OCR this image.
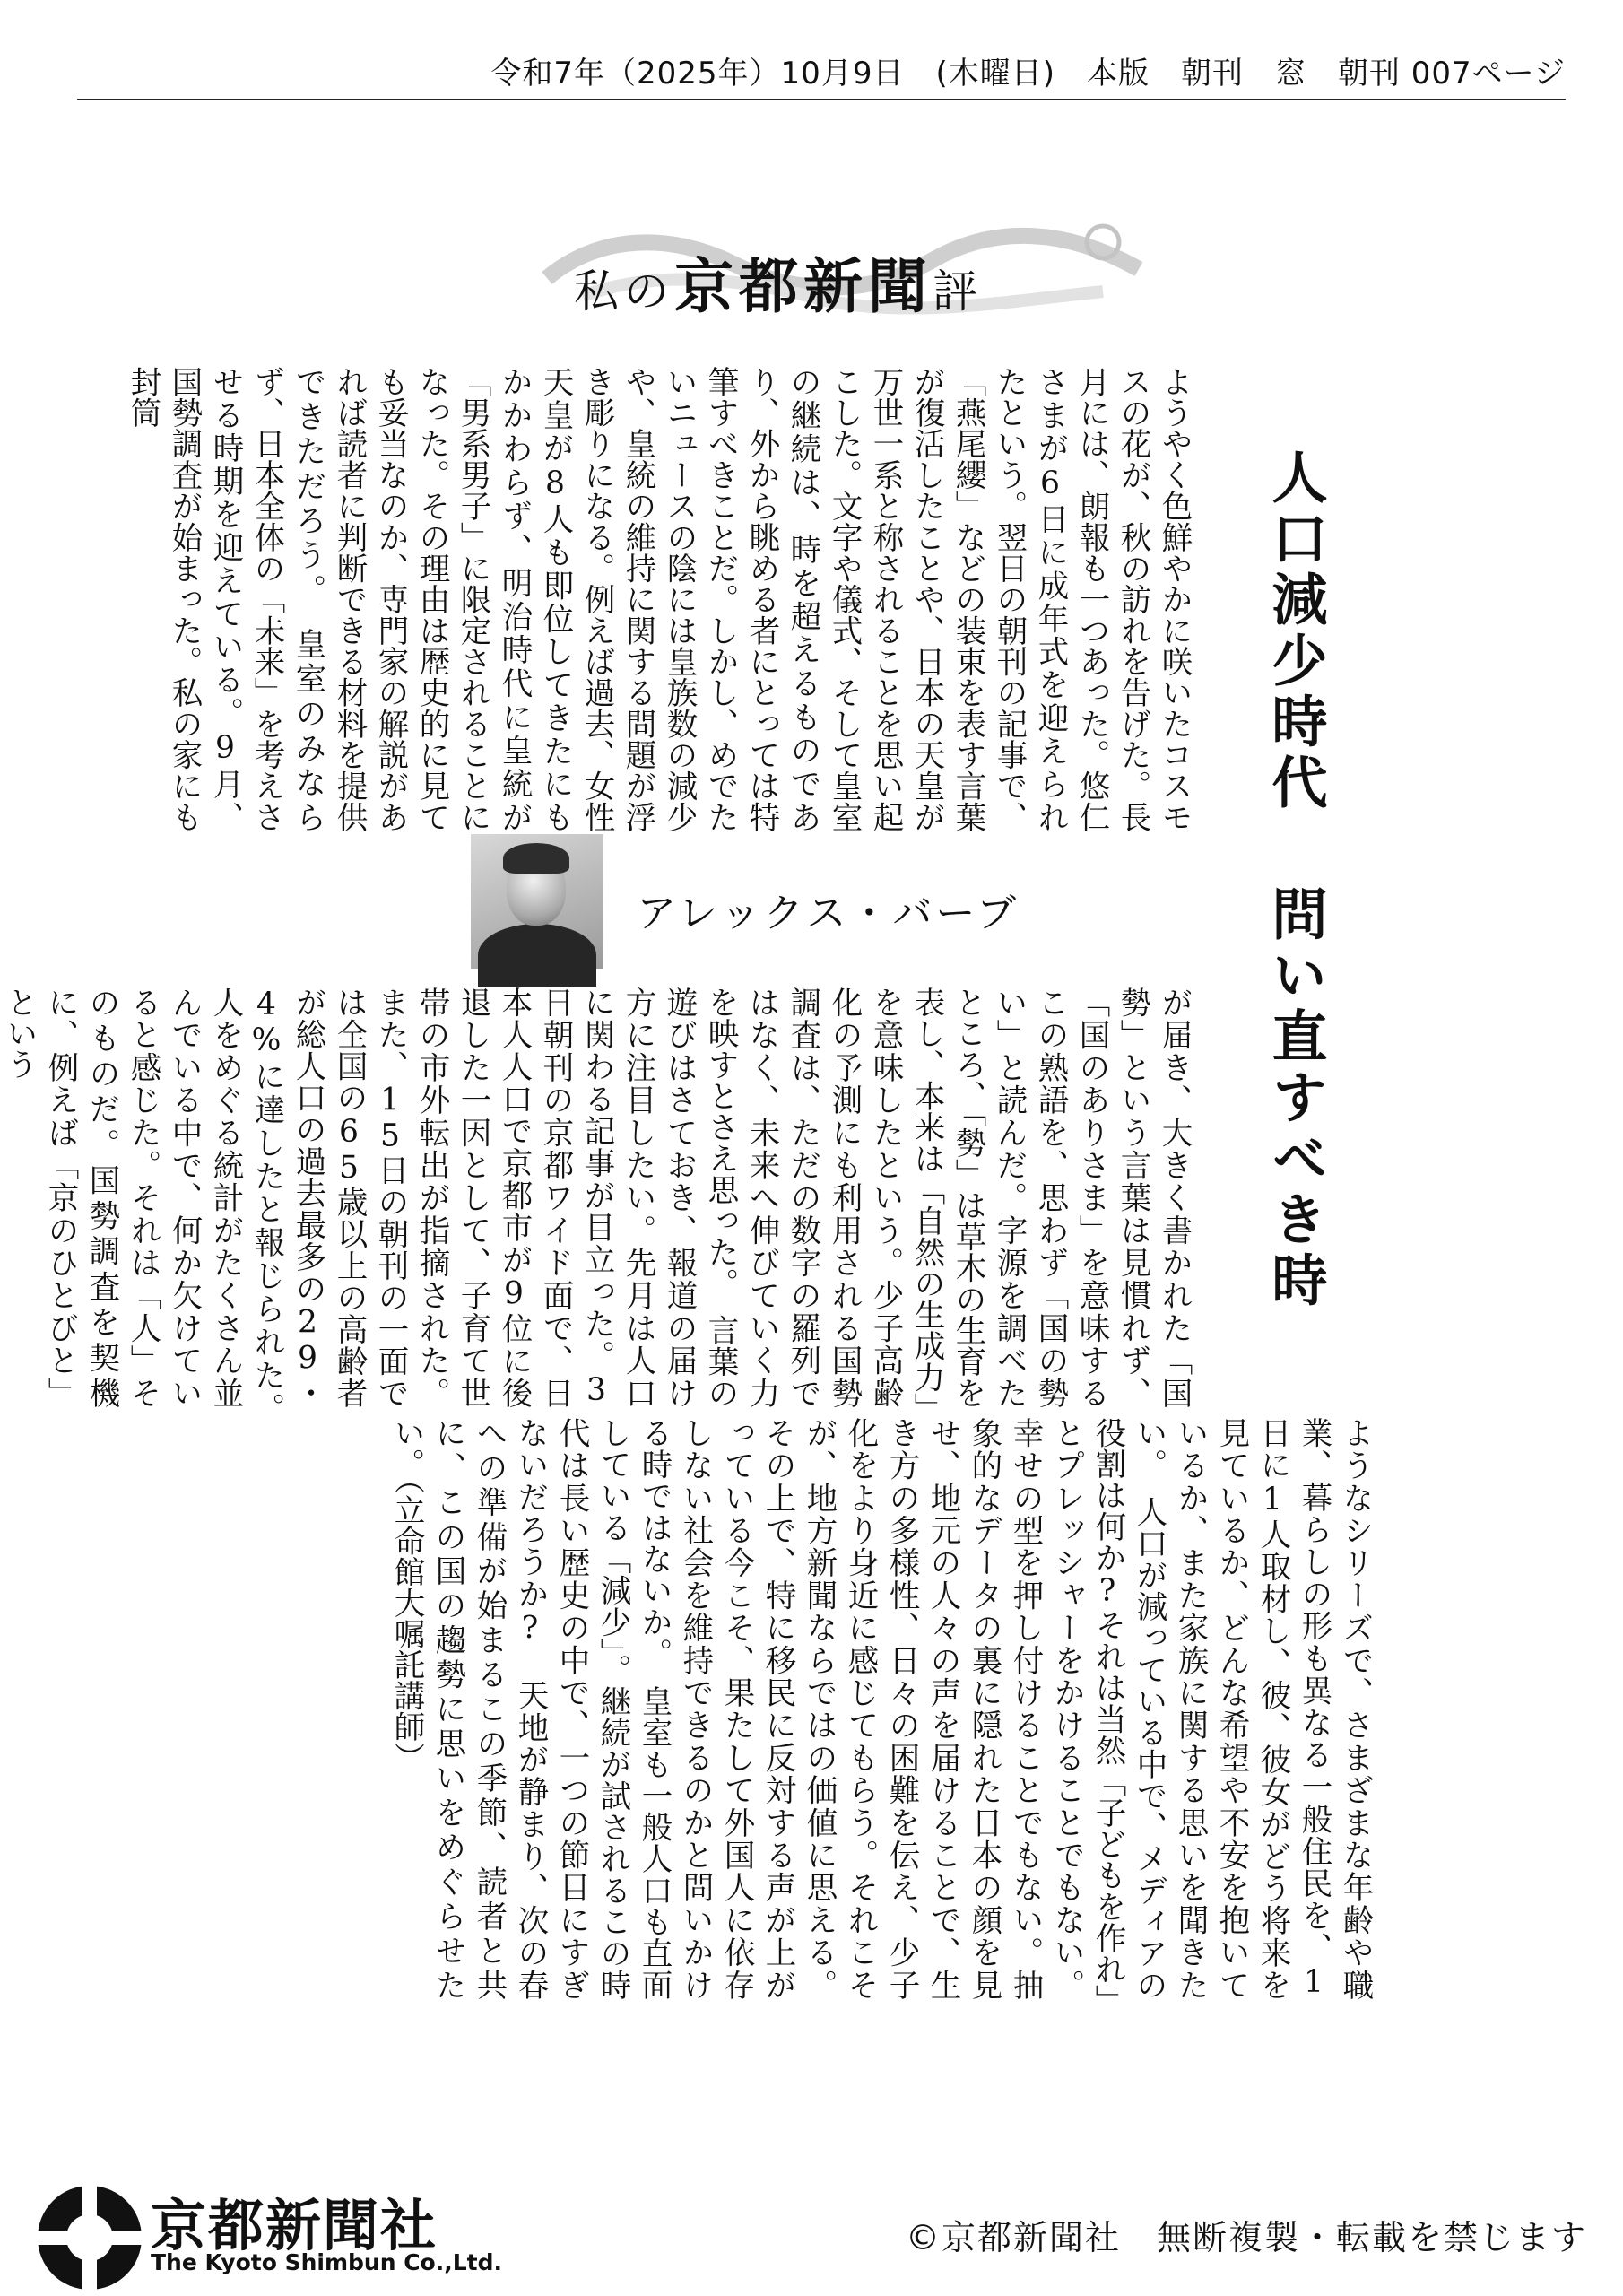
令和7年（2025年）10月9日　(木曜日)　本版　朝刊　窓　朝刊 007ページ
私の京都新聞評
人口減少時代 問い直すべき時
ようやく色鮮やかに咲いたコスモスの花が、秋の訪れを告げた。長月には、朗報も一つあった。悠仁さまが6日に成年式を迎えられたという。翌日の朝刊の記事で、「燕尾纓」などの装束を表す言葉が復活したことや、日本の天皇が万世一系と称されることを思い起こした。文字や儀式、そして皇室の継続は、時を超えるものであり、外から眺める者にとっては特筆すべきことだ。しかし、めでたいニュースの陰には皇族数の減少や、皇統の維持に関する問題が浮き彫りになる。例えば過去、女性天皇が8人も即位してきたにもかかわらず、明治時代に皇統が「男系男子」に限定されることになった。その理由は歴史的に見ても妥当なのか、専門家の解説があれば読者に判断できる材料を提供できただろう。　皇室のみならず、日本全体の「未来」を考えさせる時期を迎えている。9月、国勢調査が始まった。私の家にも封筒
アレックス・バーブ
が届き、大きく書かれた「国勢」という言葉は見慣れず、「国のありさま」を意味するこの熟語を、思わず「国の勢い」と読んだ。字源を調べたところ、「勢」は草木の生育を表し、本来は「自然の生成力」を意味したという。少子高齢化の予測にも利用される国勢調査は、ただの数字の羅列ではなく、未来へ伸びていく力を映すとさえ思った。　言葉の遊びはさておき、報道の届け方に注目したい。先月は人口に関わる記事が目立った。3日朝刊の京都ワイド面で、日本人人口で京都市が9位に後退した一因として、子育て世帯の市外転出が指摘された。また、15日の朝刊の一面では全国の65歳以上の高齢者が総人口の過去最多の29・4%に達したと報じられた。　人をめぐる統計がたくさん並んでいる中で、何か欠けていると感じた。それは「人」そのものだ。国勢調査を契機に、例えば「京のひとびと」という
ようなシリーズで、さまざまな年齢や職業、暮らしの形も異なる一般住民を、1日に1人取材し、彼、彼女がどう将来を見ているか、どんな希望や不安を抱いているか、また家族に関する思いを聞きたい。　人口が減っている中で、メディアの役割は何か?それは当然「子どもを作れ」とプレッシャーをかけることでもない。幸せの型を押し付けることでもない。抽象的なデータの裏に隠れた日本の顔を見せ、地元の人々の声を届けることで、生き方の多様性、日々の困難を伝え、少子化をより身近に感じてもらう。それこそが、地方新聞ならではの価値に思える。その上で、特に移民に反対する声が上がっている今こそ、果たして外国人に依存しない社会を維持できるのかと問いかける時ではないか。　皇室も一般人口も直面している「減少」。継続が試されるこの時代は長い歴史の中で、一つの節目にすぎないだろうか?　天地が静まり、次の春への準備が始まるこの季節、読者と共に、この国の趨勢に思いをめぐらせたい。（立命館大嘱託講師）
京都新聞社
The Kyoto Shimbun Co.,Ltd.
©京都新聞社　無断複製・転載を禁じます
